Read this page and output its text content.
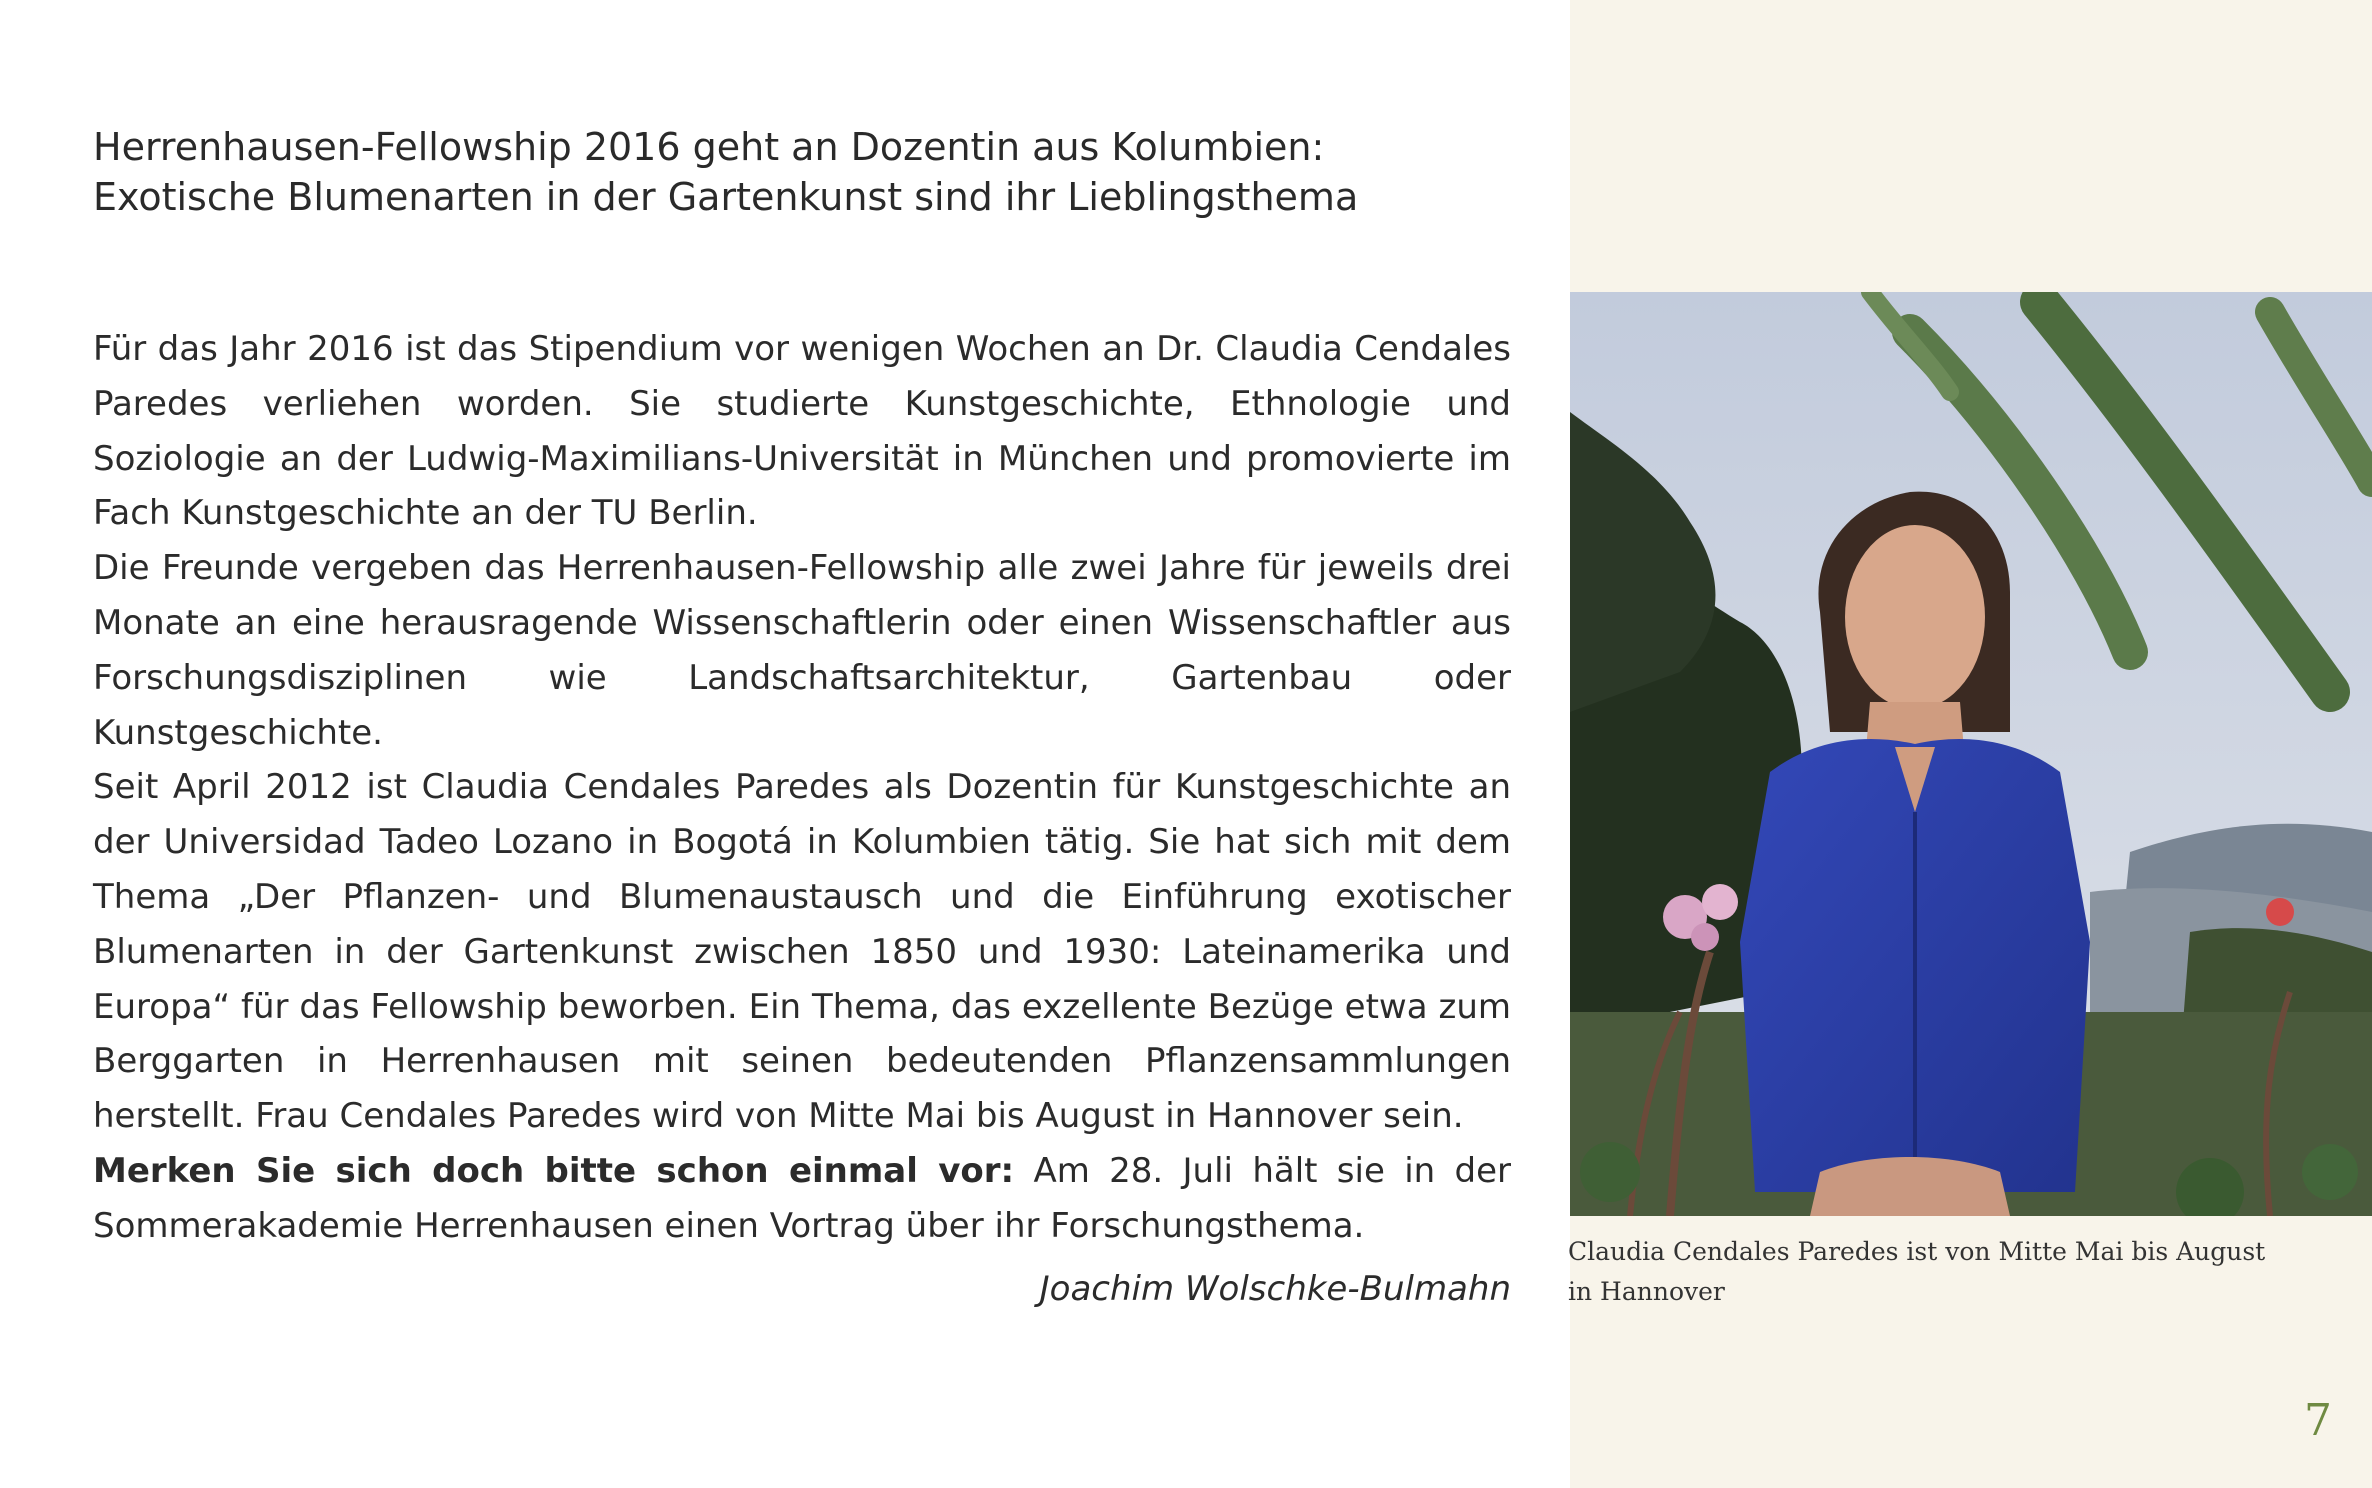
Herrenhausen-Fellowship 2016 geht an Dozentin aus Kolumbien:
Exotische Blumenarten in der Gartenkunst sind ihr Lieblingsthema

Für das Jahr 2016 ist das Stipendium vor wenigen Wochen an Dr. Claudia Cendales Paredes verliehen worden. Sie studierte Kunstgeschichte, Ethnologie und Soziologie an der Ludwig-Maximilians-Universität in München und promovierte im Fach Kunstgeschichte an der TU Berlin.

Die Freunde vergeben das Herrenhausen-Fellowship alle zwei Jahre für jeweils drei Monate an eine herausragende Wissenschaftlerin oder einen Wissenschaftler aus Forschungsdisziplinen wie Landschaftsarchitektur, Gartenbau oder Kunstgeschichte.

Seit April 2012 ist Claudia Cendales Paredes als Dozentin für Kunstgeschichte an der Universidad Tadeo Lozano in Bogotá in Kolumbien tätig. Sie hat sich mit dem Thema „Der Pflanzen- und Blumenaustausch und die Einführung exotischer Blumenarten in der Gartenkunst zwischen 1850 und 1930: Lateinamerika und Europa“ für das Fellowship beworben. Ein Thema, das exzellente Bezüge etwa zum Berggarten in Herrenhausen mit seinen bedeutenden Pflanzensammlungen herstellt. Frau Cendales Paredes wird von Mitte Mai bis August in Hannover sein.

Merken Sie sich doch bitte schon einmal vor: Am 28. Juli hält sie in der Sommerakademie Herrenhausen einen Vortrag über ihr Forschungsthema.

Joachim Wolschke-Bulmahn
Claudia Cendales Paredes ist von Mitte Mai bis August in Hannover
7
